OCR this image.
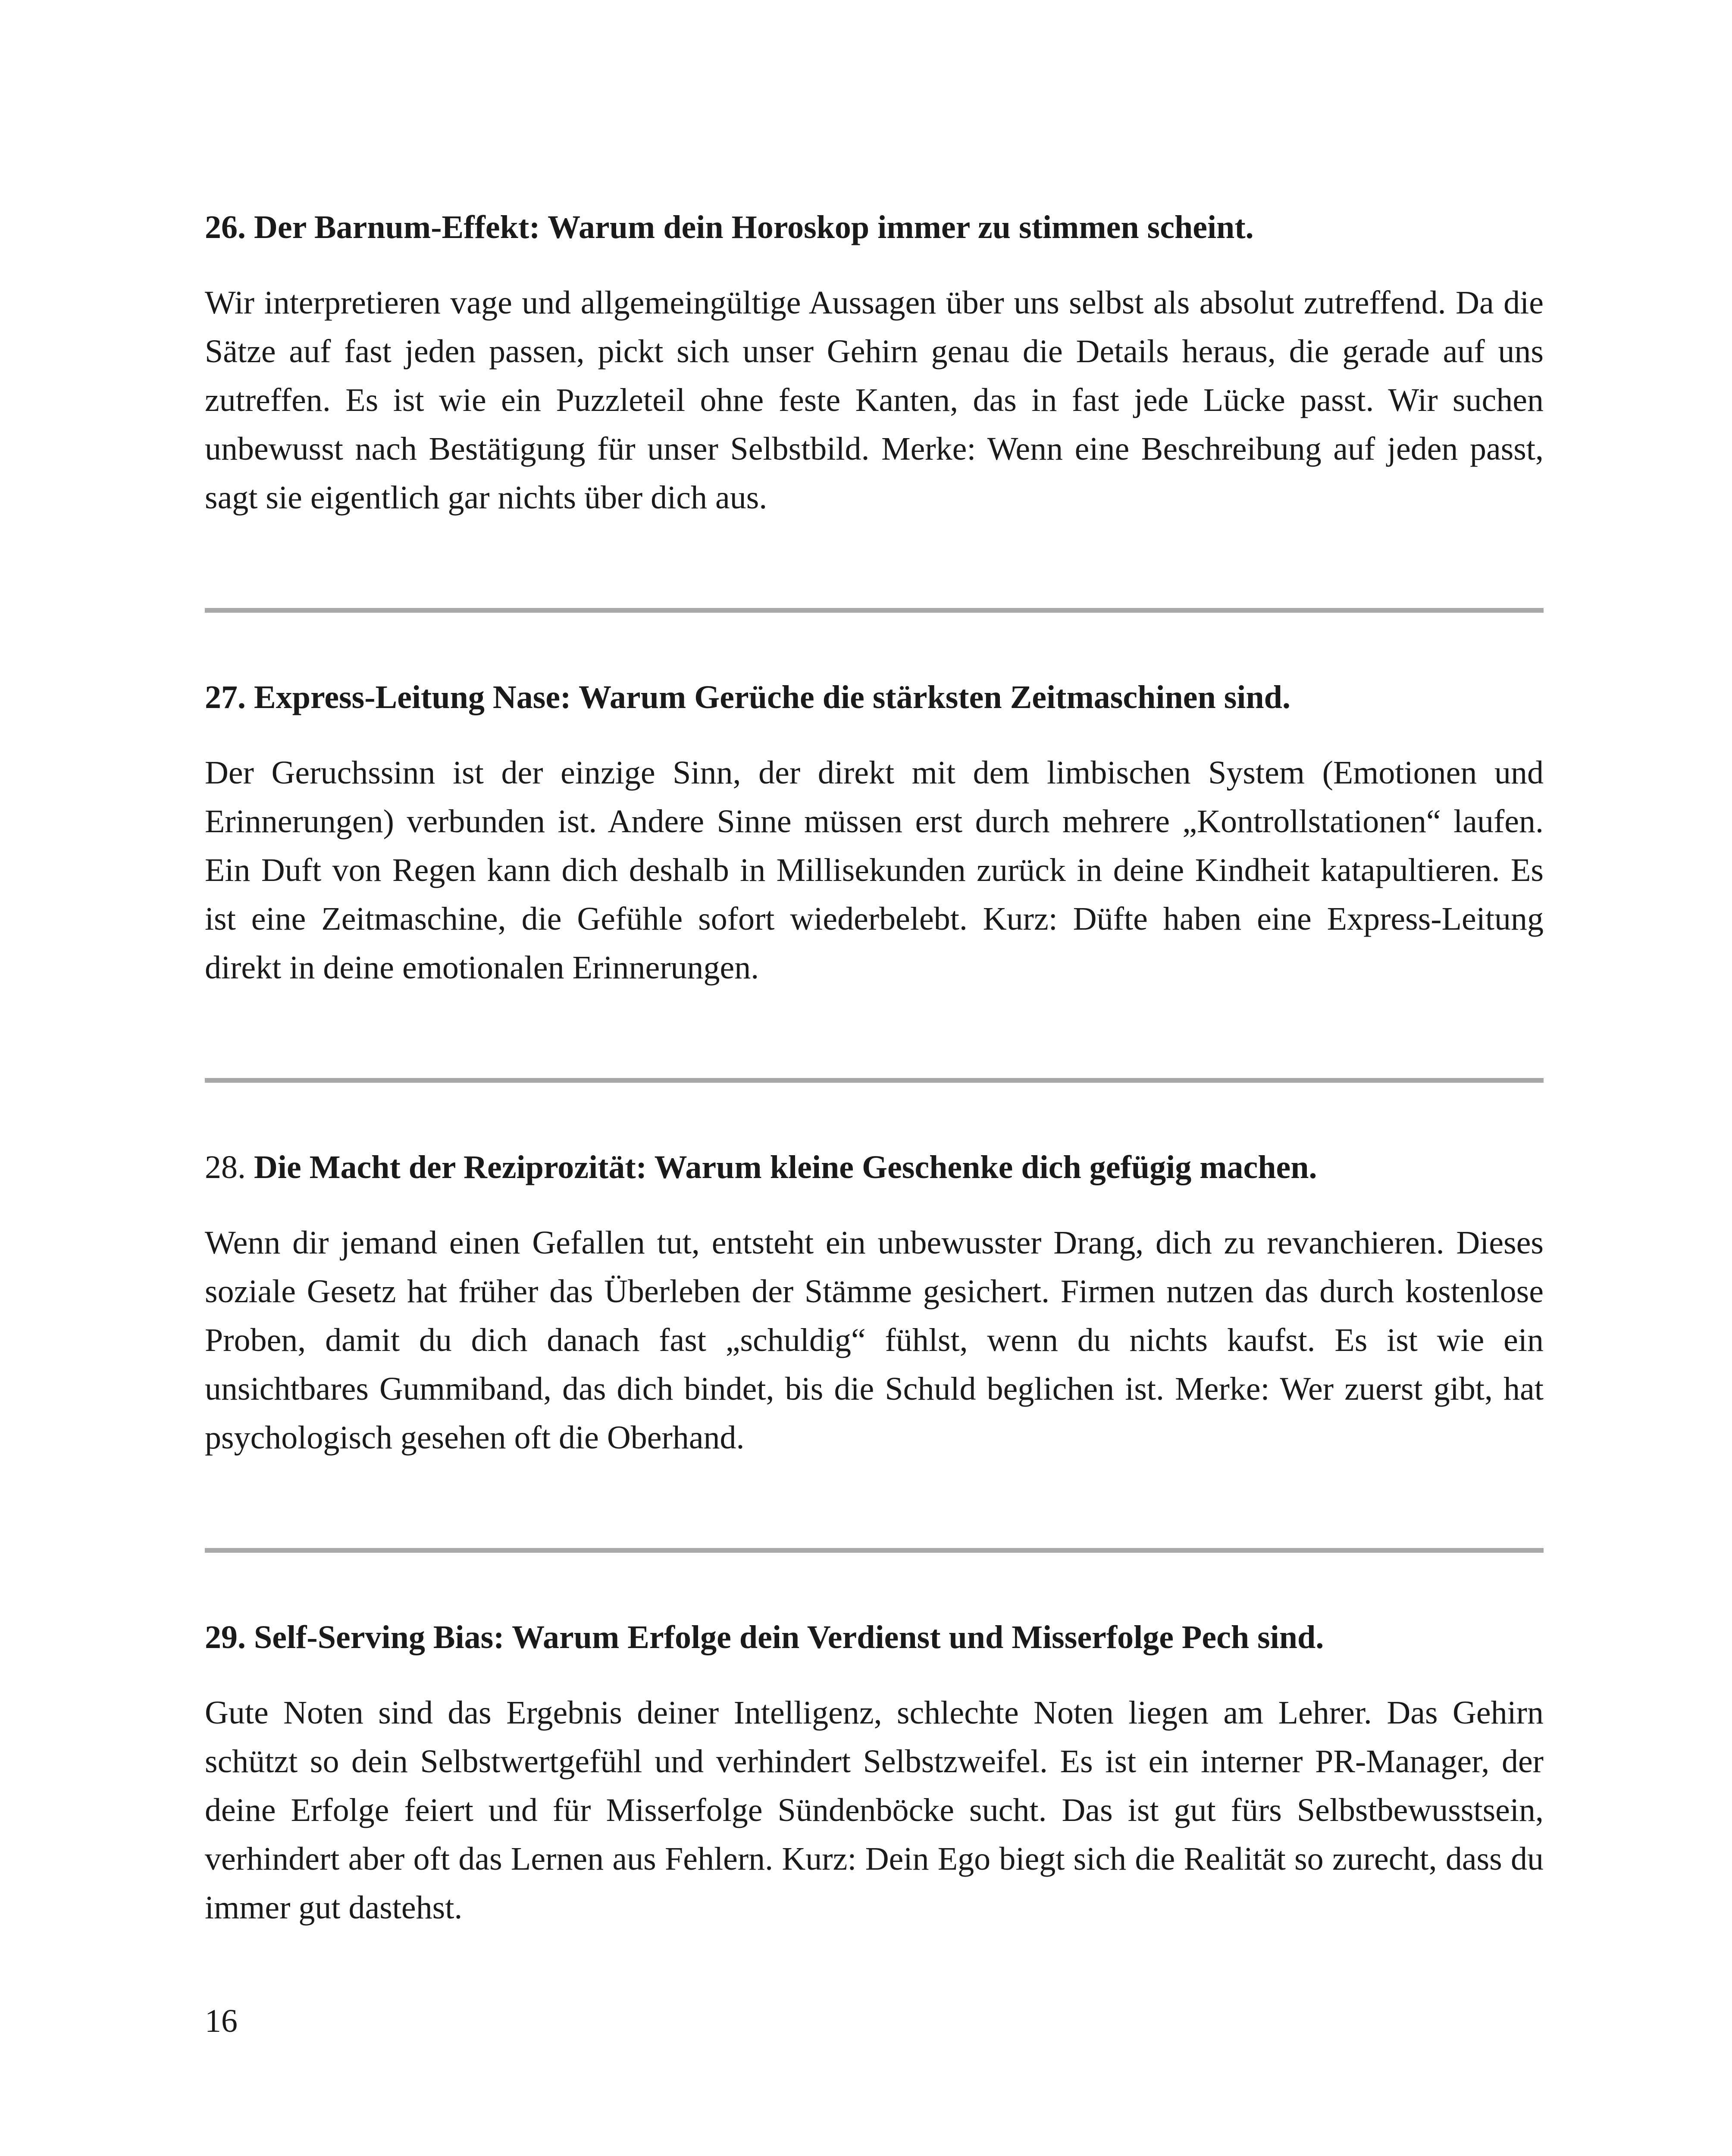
26. Der Barnum-Effekt: Warum dein Horoskop immer zu stimmen scheint.

Wir interpretieren vage und allgemeingültige Aussagen über uns selbst als absolut zutreffend. Da die Sätze auf fast jeden passen, pickt sich unser Gehirn genau die Details heraus, die gerade auf uns zutreffen. Es ist wie ein Puzzleteil ohne feste Kanten, das in fast jede Lücke passt. Wir suchen unbewusst nach Bestätigung für unser Selbstbild. Merke: Wenn eine Beschreibung auf jeden passt, sagt sie eigentlich gar nichts über dich aus.

27. Express-Leitung Nase: Warum Gerüche die stärksten Zeitmaschinen sind.

Der Geruchssinn ist der einzige Sinn, der direkt mit dem limbischen System (Emotionen und Erinnerungen) verbunden ist. Andere Sinne müssen erst durch mehrere „Kontrollstationen“ laufen. Ein Duft von Regen kann dich deshalb in Millisekunden zurück in deine Kindheit katapultieren. Es ist eine Zeitmaschine, die Gefühle sofort wiederbelebt. Kurz: Düfte haben eine Express-Leitung direkt in deine emotionalen Erinnerungen.

28. Die Macht der Reziprozität: Warum kleine Geschenke dich gefügig machen.

Wenn dir jemand einen Gefallen tut, entsteht ein unbewusster Drang, dich zu revanchieren. Dieses soziale Gesetz hat früher das Überleben der Stämme gesichert. Firmen nutzen das durch kostenlose Proben, damit du dich danach fast „schuldig“ fühlst, wenn du nichts kaufst. Es ist wie ein unsichtbares Gummiband, das dich bindet, bis die Schuld beglichen ist. Merke: Wer zuerst gibt, hat psychologisch gesehen oft die Oberhand.

29. Self-Serving Bias: Warum Erfolge dein Verdienst und Misserfolge Pech sind.

Gute Noten sind das Ergebnis deiner Intelligenz, schlechte Noten liegen am Lehrer. Das Gehirn schützt so dein Selbstwertgefühl und verhindert Selbstzweifel. Es ist ein interner PR-Manager, der deine Erfolge feiert und für Misserfolge Sündenböcke sucht. Das ist gut fürs Selbstbewusstsein, verhindert aber oft das Lernen aus Fehlern. Kurz: Dein Ego biegt sich die Realität so zurecht, dass du immer gut dastehst.

16
